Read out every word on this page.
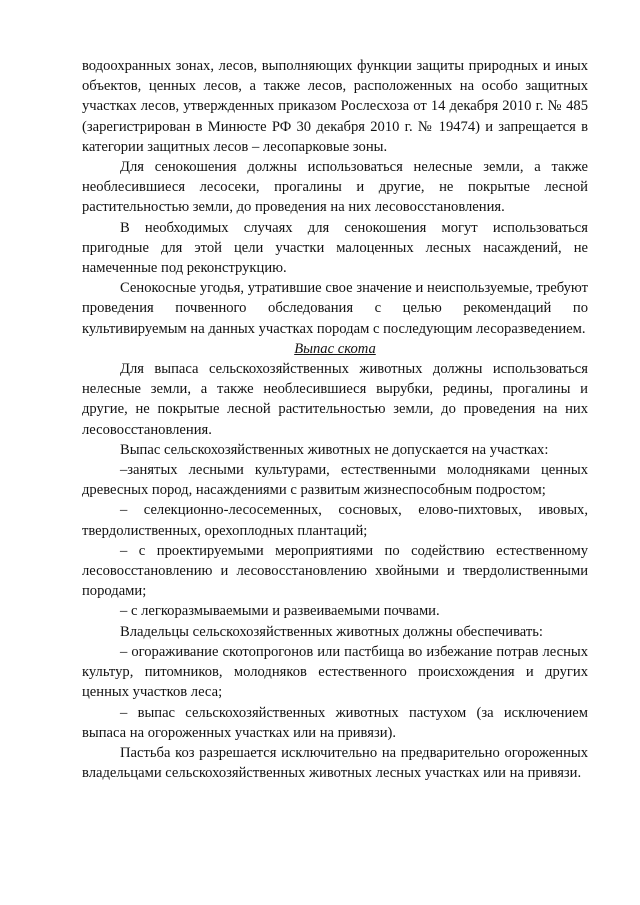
водоохранных зонах, лесов, выполняющих функции защиты природных и иных объектов, ценных лесов, а также лесов, расположенных на особо защитных участках лесов, утвержденных приказом Рослесхоза от 14 декабря 2010 г. № 485 (зарегистрирован в Минюсте РФ 30 декабря 2010 г. № 19474) и запрещается в категории защитных лесов – лесопарковые зоны.

Для сенокошения должны использоваться нелесные земли, а также необлесившиеся лесосеки, прогалины и другие, не покрытые лесной растительностью земли, до проведения на них лесовосстановления.

В необходимых случаях для сенокошения могут использоваться пригодные для этой цели участки малоценных лесных насаждений, не намеченные под реконструкцию.

Сенокосные угодья, утратившие свое значение и неиспользуемые, требуют проведения почвенного обследования с целью рекомендаций по культивируемым на данных участках породам с последующим лесоразведением.

Выпас скота

Для выпаса сельскохозяйственных животных должны использоваться нелесные земли, а также необлесившиеся вырубки, редины, прогалины и другие, не покрытые лесной растительностью земли, до проведения на них лесовосстановления.

Выпас сельскохозяйственных животных не допускается на участках:

–занятых лесными культурами, естественными молодняками ценных древесных пород, насаждениями с развитым жизнеспособным подростом;

– селекционно-лесосеменных, сосновых, елово-пихтовых, ивовых, твердолиственных, орехоплодных плантаций;

– с проектируемыми мероприятиями по содействию естественному лесовосстановлению и лесовосстановлению хвойными и твердолиственными породами;

– с легкоразмываемыми и развеиваемыми почвами.

Владельцы сельскохозяйственных животных должны обеспечивать:

– огораживание скотопрогонов или пастбища во избежание потрав лесных культур, питомников, молодняков естественного происхождения и других ценных участков леса;

– выпас сельскохозяйственных животных пастухом (за исключением выпаса на огороженных участках или на привязи).

Пастьба коз разрешается исключительно на предварительно огороженных владельцами сельскохозяйственных животных лесных участках или на привязи.
